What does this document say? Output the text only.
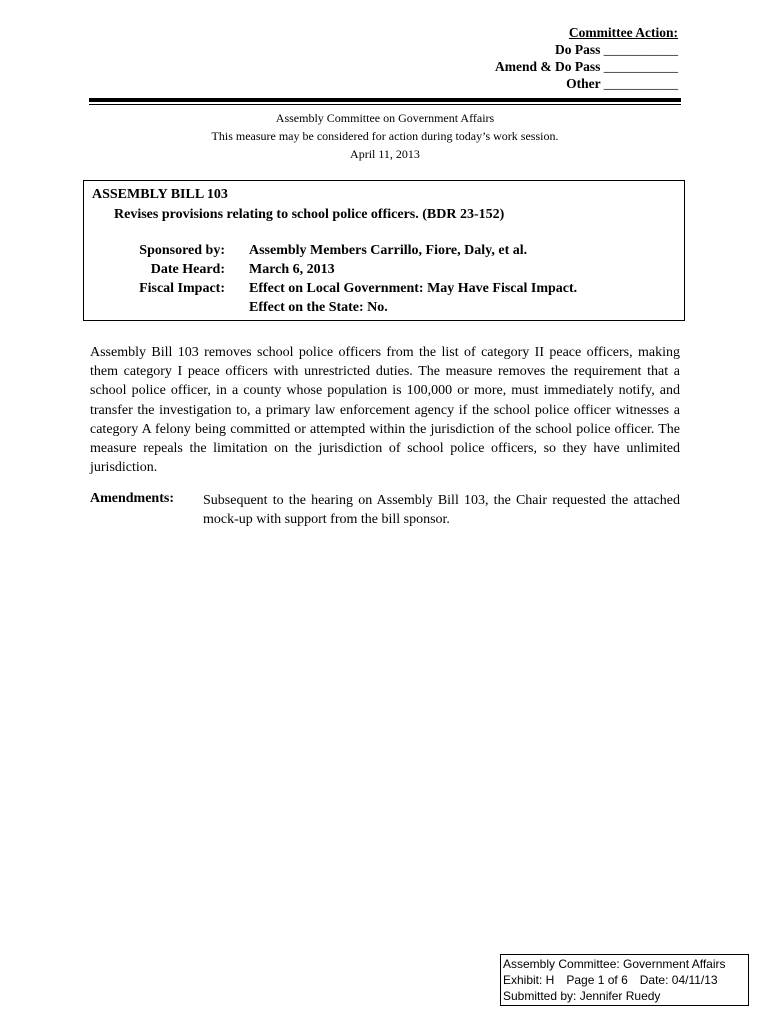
Committee Action:
Do Pass ___________
Amend & Do Pass ___________
Other ___________
Assembly Committee on Government Affairs
This measure may be considered for action during today’s work session.
April 11, 2013
ASSEMBLY BILL 103
Revises provisions relating to school police officers. (BDR 23-152)
Sponsored by: Assembly Members Carrillo, Fiore, Daly, et al.
Date Heard: March 6, 2013
Fiscal Impact: Effect on Local Government: May Have Fiscal Impact.
Effect on the State: No.

Assembly Bill 103 removes school police officers from the list of category II peace officers, making them category I peace officers with unrestricted duties. The measure removes the requirement that a school police officer, in a county whose population is 100,000 or more, must immediately notify, and transfer the investigation to, a primary law enforcement agency if the school police officer witnesses a category A felony being committed or attempted within the jurisdiction of the school police officer. The measure repeals the limitation on the jurisdiction of school police officers, so they have unlimited jurisdiction.

Amendments: Subsequent to the hearing on Assembly Bill 103, the Chair requested the attached mock-up with support from the bill sponsor.

Assembly Committee: Government Affairs
Exhibit: H Page 1 of 6 Date: 04/11/13
Submitted by: Jennifer Ruedy
